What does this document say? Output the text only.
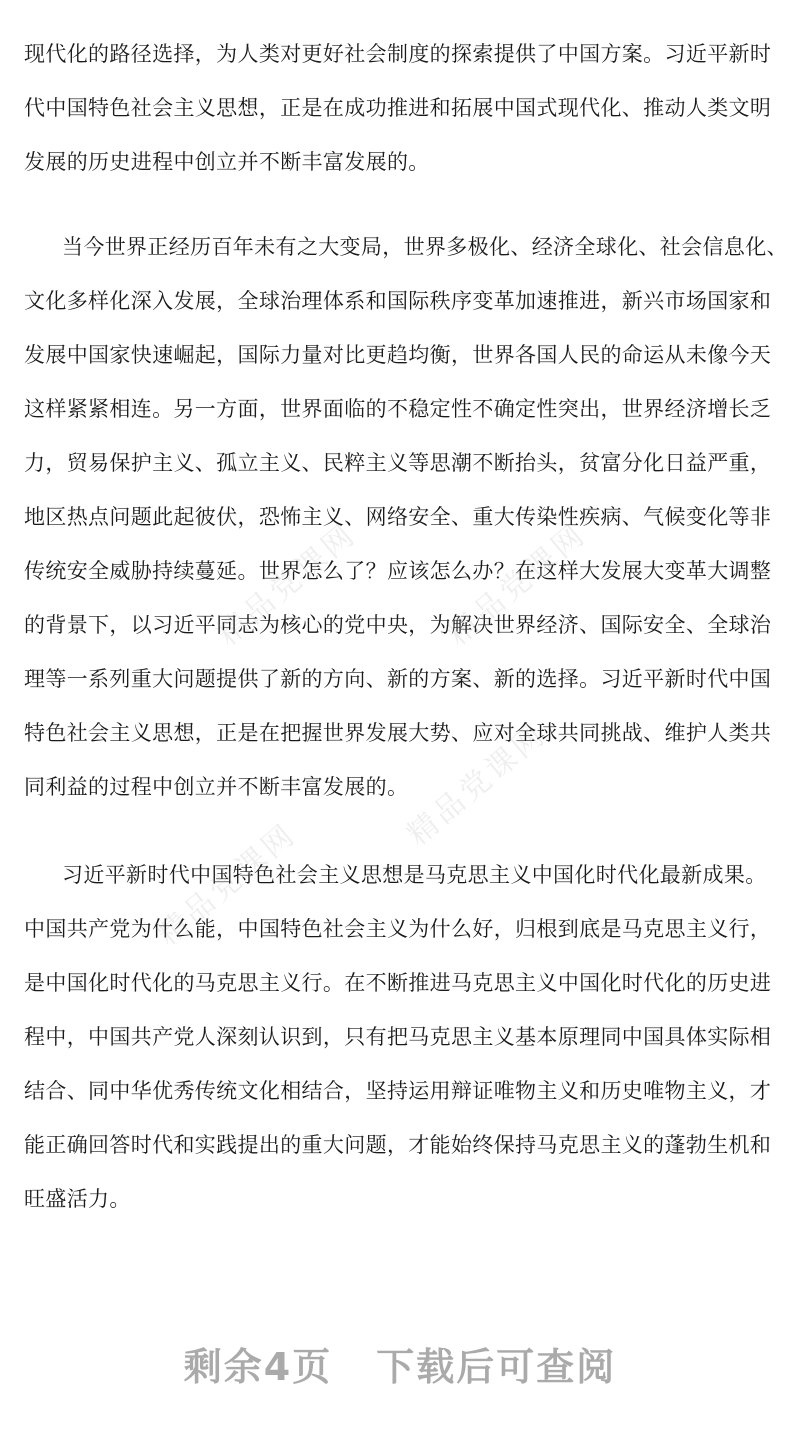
现代化的路径选择，为人类对更好社会制度的探索提供了中国方案。习近平新时
代中国特色社会主义思想，正是在成功推进和拓展中国式现代化、推动人类文明
发展的历史进程中创立并不断丰富发展的。
当今世界正经历百年未有之大变局，世界多极化、经济全球化、社会信息化、
文化多样化深入发展，全球治理体系和国际秩序变革加速推进，新兴市场国家和
发展中国家快速崛起，国际力量对比更趋均衡，世界各国人民的命运从未像今天
这样紧紧相连。另一方面，世界面临的不稳定性不确定性突出，世界经济增长乏
力，贸易保护主义、孤立主义、民粹主义等思潮不断抬头，贫富分化日益严重，
地区热点问题此起彼伏，恐怖主义、网络安全、重大传染性疾病、气候变化等非
传统安全威胁持续蔓延。世界怎么了？应该怎么办？在这样大发展大变革大调整
的背景下，以习近平同志为核心的党中央，为解决世界经济、国际安全、全球治
理等一系列重大问题提供了新的方向、新的方案、新的选择。习近平新时代中国
特色社会主义思想，正是在把握世界发展大势、应对全球共同挑战、维护人类共
同利益的过程中创立并不断丰富发展的。
习近平新时代中国特色社会主义思想是马克思主义中国化时代化最新成果。
中国共产党为什么能，中国特色社会主义为什么好，归根到底是马克思主义行，
是中国化时代化的马克思主义行。在不断推进马克思主义中国化时代化的历史进
程中，中国共产党人深刻认识到，只有把马克思主义基本原理同中国具体实际相
结合、同中华优秀传统文化相结合，坚持运用辩证唯物主义和历史唯物主义，才
能正确回答时代和实践提出的重大问题，才能始终保持马克思主义的蓬勃生机和
旺盛活力。
精品党课网	精品党课网
精品党课网
精品党课网
剩余4页 下载后可查阅
